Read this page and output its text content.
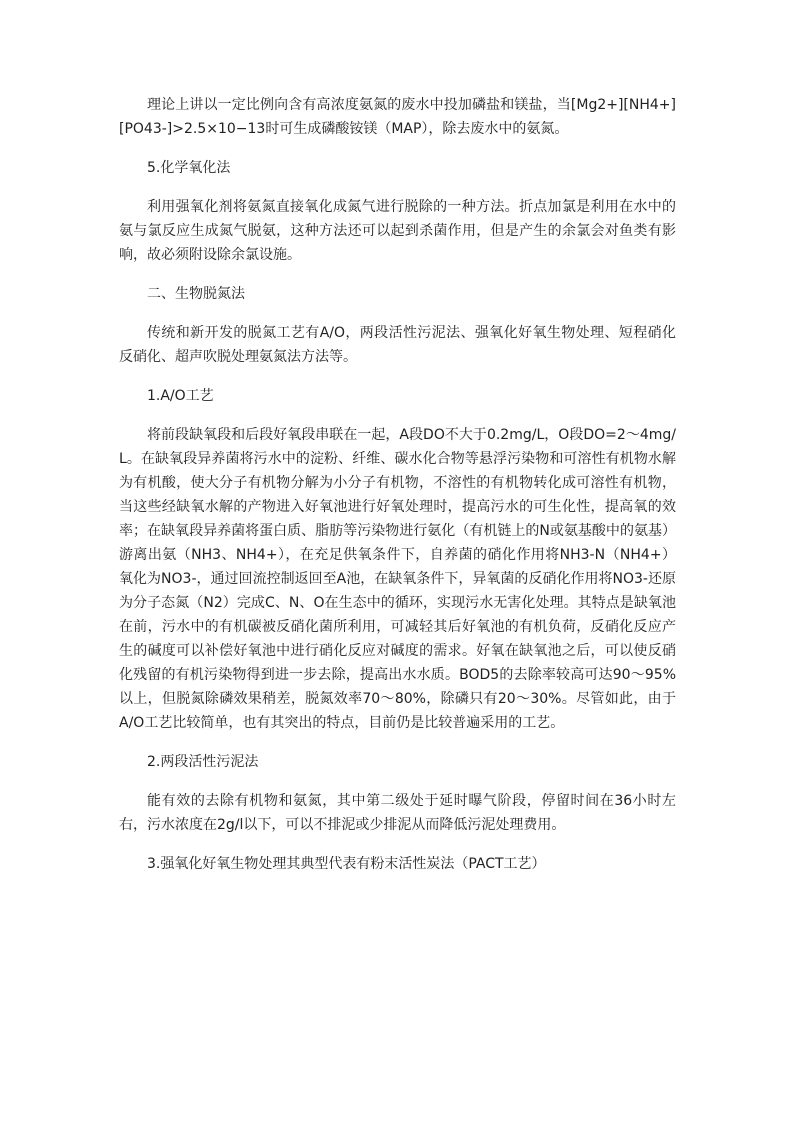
理论上讲以一定比例向含有高浓度氨氮的废水中投加磷盐和镁盐，当[Mg2+][NH4+][PO43-]>2.5×10−13时可生成磷酸铵镁（MAP），除去废水中的氨氮。

5.化学氧化法

利用强氧化剂将氨氮直接氧化成氮气进行脱除的一种方法。折点加氯是利用在水中的氨与氯反应生成氮气脱氨，这种方法还可以起到杀菌作用，但是产生的余氯会对鱼类有影响，故必须附设除余氯设施。

二、生物脱氮法

传统和新开发的脱氮工艺有A/O，两段活性污泥法、强氧化好氧生物处理、短程硝化反硝化、超声吹脱处理氨氮法方法等。

1.A/O工艺

将前段缺氧段和后段好氧段串联在一起，A段DO不大于0.2mg/L，O段DO=2～4mg/L。在缺氧段异养菌将污水中的淀粉、纤维、碳水化合物等悬浮污染物和可溶性有机物水解为有机酸，使大分子有机物分解为小分子有机物，不溶性的有机物转化成可溶性有机物，当这些经缺氧水解的产物进入好氧池进行好氧处理时，提高污水的可生化性，提高氧的效率；在缺氧段异养菌将蛋白质、脂肪等污染物进行氨化（有机链上的N或氨基酸中的氨基）游离出氨（NH3、NH4+），在充足供氧条件下，自养菌的硝化作用将NH3-N（NH4+）氧化为NO3-，通过回流控制返回至A池，在缺氧条件下，异氧菌的反硝化作用将NO3-还原为分子态氮（N2）完成C、N、O在生态中的循环，实现污水无害化处理。其特点是缺氧池在前，污水中的有机碳被反硝化菌所利用，可减轻其后好氧池的有机负荷，反硝化反应产生的碱度可以补偿好氧池中进行硝化反应对碱度的需求。好氧在缺氧池之后，可以使反硝化残留的有机污染物得到进一步去除，提高出水水质。BOD5的去除率较高可达90～95%以上，但脱氮除磷效果稍差，脱氮效率70～80%，除磷只有20～30%。尽管如此，由于A/O工艺比较简单，也有其突出的特点，目前仍是比较普遍采用的工艺。

2.两段活性污泥法

能有效的去除有机物和氨氮，其中第二级处于延时曝气阶段，停留时间在36小时左右，污水浓度在2g/l以下，可以不排泥或少排泥从而降低污泥处理费用。

3.强氧化好氧生物处理其典型代表有粉末活性炭法（PACT工艺）
